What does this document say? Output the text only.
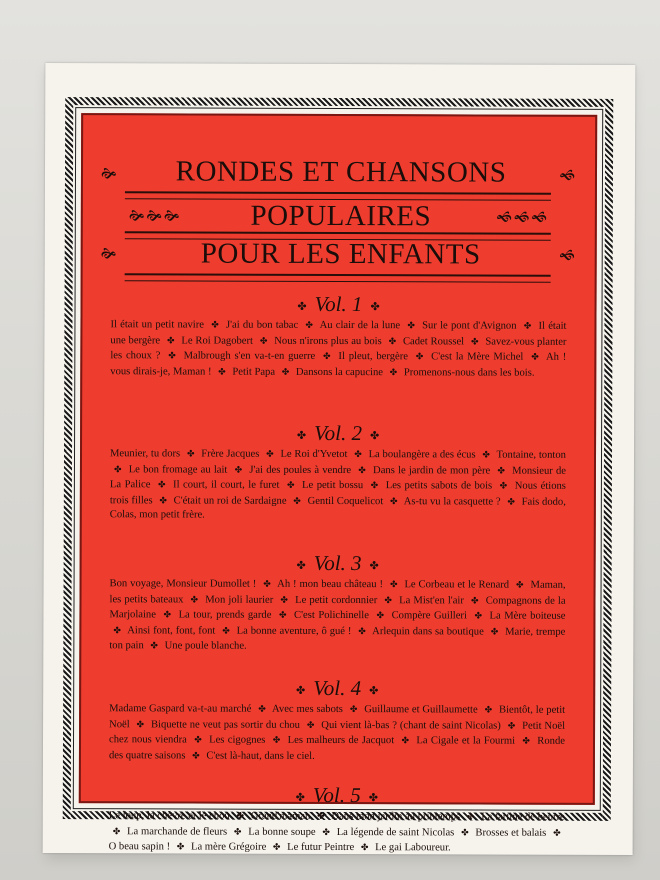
🙞	🙜
RONDES ET CHANSONS
🙞🙞🙞	🙜🙜🙜
POPULAIRES
🙞	🙜
POUR LES ENFANTS
✤ Vol. 1 ✤
Il était un petit navire ✤ J'ai du bon tabac ✤ Au clair de la lune ✤ Sur le pont d'Avignon ✤ Il était une bergère ✤ Le Roi Dagobert ✤ Nous n'irons plus au bois ✤ Cadet Roussel ✤ Savez-vous planter les choux ? ✤ Malbrough s'en va-t-en guerre ✤ Il pleut, bergère ✤ C'est la Mère Michel ✤ Ah ! vous dirais-je, Maman ! ✤ Petit Papa ✤ Dansons la capucine ✤ Promenons-nous dans les bois.
✤ Vol. 2 ✤
Meunier, tu dors ✤ Frère Jacques ✤ Le Roi d'Yvetot ✤ La boulangère a des écus ✤ Tontaine, tonton ✤ Le bon fromage au lait ✤ J'ai des poules à vendre ✤ Dans le jardin de mon père ✤ Monsieur de La Palice ✤ Il court, il court, le furet ✤ Le petit bossu ✤ Les petits sabots de bois ✤ Nous étions trois filles ✤ C'était un roi de Sardaigne ✤ Gentil Coquelicot ✤ As-tu vu la casquette ? ✤ Fais dodo, Colas, mon petit frère.
✤ Vol. 3 ✤
Bon voyage, Monsieur Dumollet ! ✤ Ah ! mon beau château ! ✤ Le Corbeau et le Renard ✤ Maman, les petits bateaux ✤ Mon joli laurier ✤ Le petit cordonnier ✤ La Mist'en l'air ✤ Compagnons de la Marjolaine ✤ La tour, prends garde ✤ C'est Polichinelle ✤ Compère Guilleri ✤ La Mère boiteuse ✤ Ainsi font, font, font ✤ La bonne aventure, ô gué ! ✤ Arlequin dans sa boutique ✤ Marie, trempe ton pain ✤ Une poule blanche.
✤ Vol. 4 ✤
Madame Gaspard va-t-au marché ✤ Avec mes sabots ✤ Guillaume et Guillaumette ✤ Bientôt, le petit Noël ✤ Biquette ne veut pas sortir du chou ✤ Qui vient là-bas ? (chant de saint Nicolas) ✤ Petit Noël chez nous viendra ✤ Les cigognes ✤ Les malheurs de Jacquot ✤ La Cigale et la Fourmi ✤ Ronde des quatre saisons ✤ C'est là-haut, dans le ciel.
✤ Vol. 5 ✤
Le loup, la chèvre et le chou ✤ Grand'maman ✤ Dans mon jardin au printemps ✤ La tartine de beurre ✤ La marchande de fleurs ✤ La bonne soupe ✤ La légende de saint Nicolas ✤ Brosses et balais ✤ O beau sapin ! ✤ La mère Grégoire ✤ Le futur Peintre ✤ Le gai Laboureur.
